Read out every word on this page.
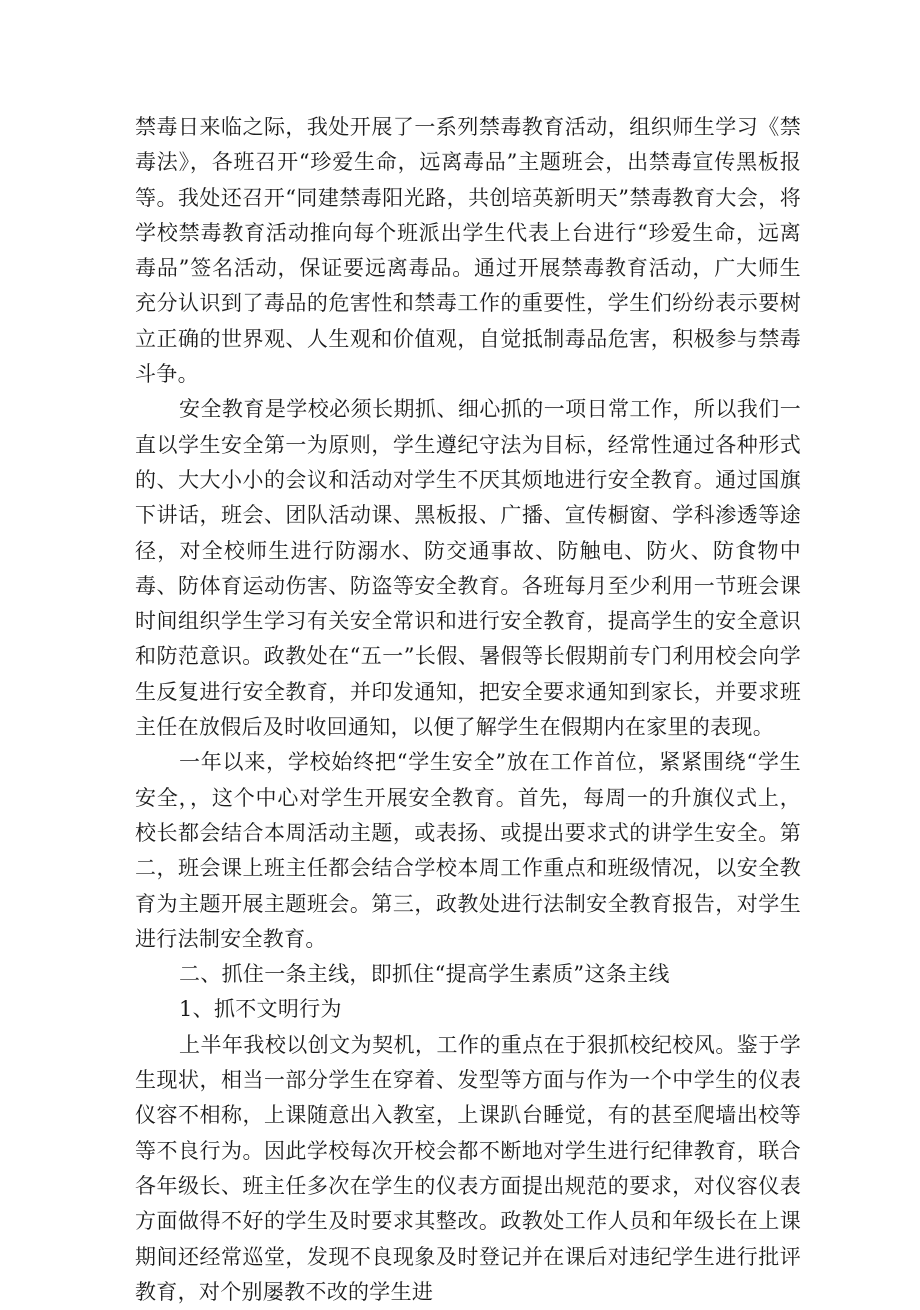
禁毒日来临之际，我处开展了一系列禁毒教育活动，组织师生学习《禁毒法》，各班召开“珍爱生命，远离毒品”主题班会，出禁毒宣传黑板报等。我处还召开“同建禁毒阳光路，共创培英新明天”禁毒教育大会，将学校禁毒教育活动推向每个班派出学生代表上台进行“珍爱生命，远离毒品”签名活动，保证要远离毒品。通过开展禁毒教育活动，广大师生充分认识到了毒品的危害性和禁毒工作的重要性，学生们纷纷表示要树立正确的世界观、人生观和价值观，自觉抵制毒品危害，积极参与禁毒斗争。

安全教育是学校必须长期抓、细心抓的一项日常工作，所以我们一直以学生安全第一为原则，学生遵纪守法为目标，经常性通过各种形式的、大大小小的会议和活动对学生不厌其烦地进行安全教育。通过国旗下讲话，班会、团队活动课、黑板报、广播、宣传橱窗、学科渗透等途径，对全校师生进行防溺水、防交通事故、防触电、防火、防食物中毒、防体育运动伤害、防盗等安全教育。各班每月至少利用一节班会课时间组织学生学习有关安全常识和进行安全教育，提高学生的安全意识和防范意识。政教处在“五一”长假、暑假等长假期前专门利用校会向学生反复进行安全教育，并印发通知，把安全要求通知到家长，并要求班主任在放假后及时收回通知，以便了解学生在假期内在家里的表现。

一年以来，学校始终把“学生安全”放在工作首位，紧紧围绕“学生安全，，这个中心对学生开展安全教育。首先，每周一的升旗仪式上，校长都会结合本周活动主题，或表扬、或提出要求式的讲学生安全。第二，班会课上班主任都会结合学校本周工作重点和班级情况，以安全教育为主题开展主题班会。第三，政教处进行法制安全教育报告，对学生进行法制安全教育。

二、抓住一条主线，即抓住“提高学生素质”这条主线

1、抓不文明行为

上半年我校以创文为契机，工作的重点在于狠抓校纪校风。鉴于学生现状，相当一部分学生在穿着、发型等方面与作为一个中学生的仪表仪容不相称，上课随意出入教室，上课趴台睡觉，有的甚至爬墙出校等等不良行为。因此学校每次开校会都不断地对学生进行纪律教育，联合各年级长、班主任多次在学生的仪表方面提出规范的要求，对仪容仪表方面做得不好的学生及时要求其整改。政教处工作人员和年级长在上课期间还经常巡堂，发现不良现象及时登记并在课后对违纪学生进行批评教育，对个别屡教不改的学生进
